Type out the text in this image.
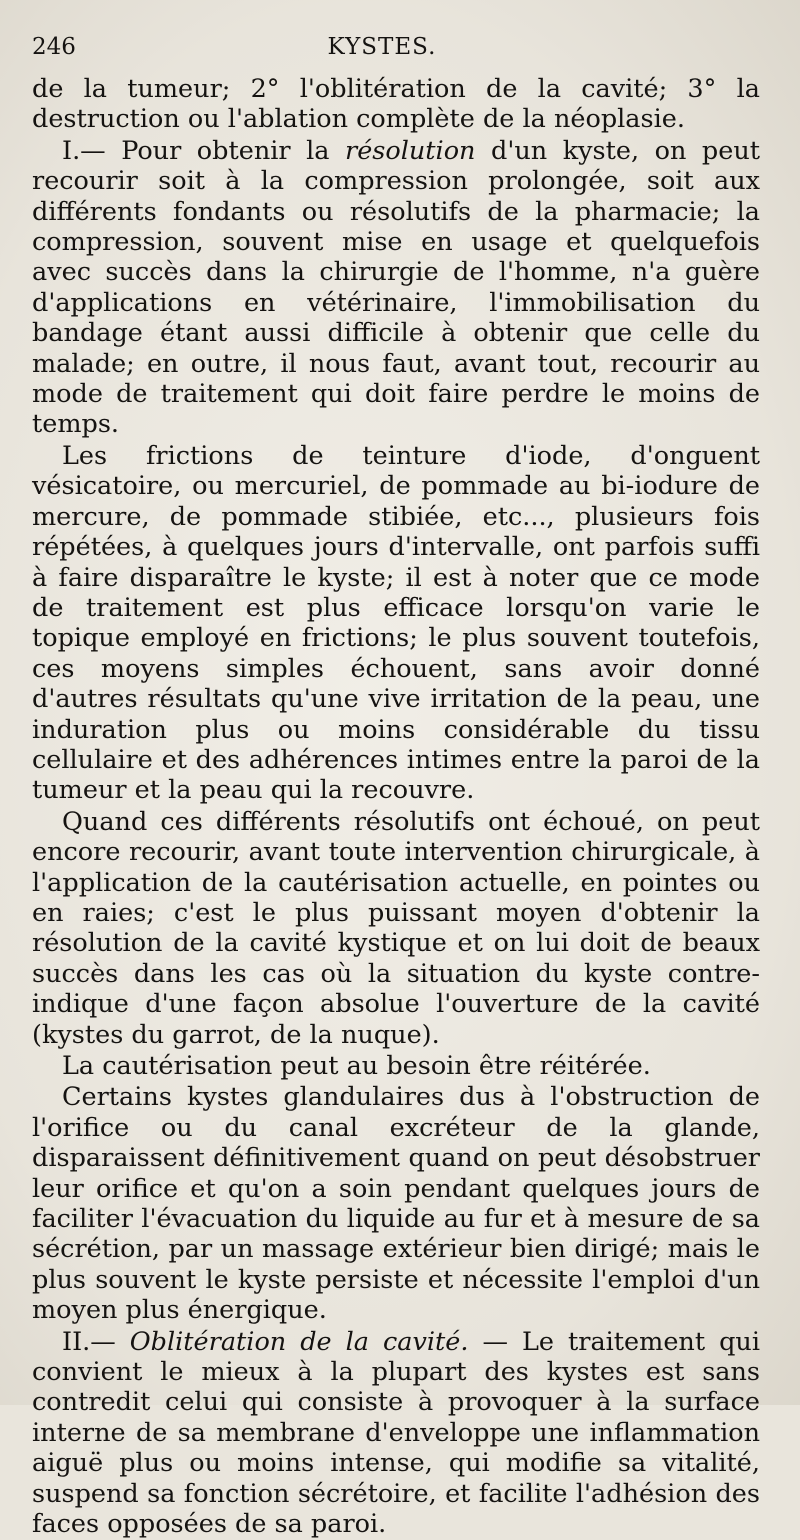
246	KYSTES.

de la tumeur; 2° l'oblitération de la cavité; 3° la destruction ou l'ablation complète de la néoplasie.

I.— Pour obtenir la résolution d'un kyste, on peut recourir soit à la compression prolongée, soit aux différents fondants ou résolutifs de la pharmacie; la compression, souvent mise en usage et quelquefois avec succès dans la chirurgie de l'homme, n'a guère d'applications en vétérinaire, l'immobilisation du bandage étant aussi difficile à obtenir que celle du malade; en outre, il nous faut, avant tout, recourir au mode de traitement qui doit faire perdre le moins de temps.

Les frictions de teinture d'iode, d'onguent vésicatoire, ou mercuriel, de pommade au bi-iodure de mercure, de pommade stibiée, etc..., plusieurs fois répétées, à quelques jours d'intervalle, ont parfois suffi à faire disparaître le kyste; il est à noter que ce mode de traitement est plus efficace lorsqu'on varie le topique employé en frictions; le plus souvent toutefois, ces moyens simples échouent, sans avoir donné d'autres résultats qu'une vive irritation de la peau, une induration plus ou moins considérable du tissu cellulaire et des adhérences intimes entre la paroi de la tumeur et la peau qui la recouvre.

Quand ces différents résolutifs ont échoué, on peut encore recourir, avant toute intervention chirurgicale, à l'application de la cautérisation actuelle, en pointes ou en raies; c'est le plus puissant moyen d'obtenir la résolution de la cavité kystique et on lui doit de beaux succès dans les cas où la situation du kyste contre-indique d'une façon absolue l'ouverture de la cavité (kystes du garrot, de la nuque).

La cautérisation peut au besoin être réitérée.

Certains kystes glandulaires dus à l'obstruction de l'orifice ou du canal excréteur de la glande, disparaissent définitivement quand on peut désobstruer leur orifice et qu'on a soin pendant quelques jours de faciliter l'évacuation du liquide au fur et à mesure de sa sécrétion, par un massage extérieur bien dirigé; mais le plus souvent le kyste persiste et nécessite l'emploi d'un moyen plus énergique.

II.— Oblitération de la cavité. — Le traitement qui convient le mieux à la plupart des kystes est sans contredit celui qui consiste à provoquer à la surface interne de sa membrane d'enveloppe une inflammation aiguë plus ou moins intense, qui modifie sa vitalité, suspend sa fonction sécrétoire, et facilite l'adhésion des faces opposées de sa paroi.
